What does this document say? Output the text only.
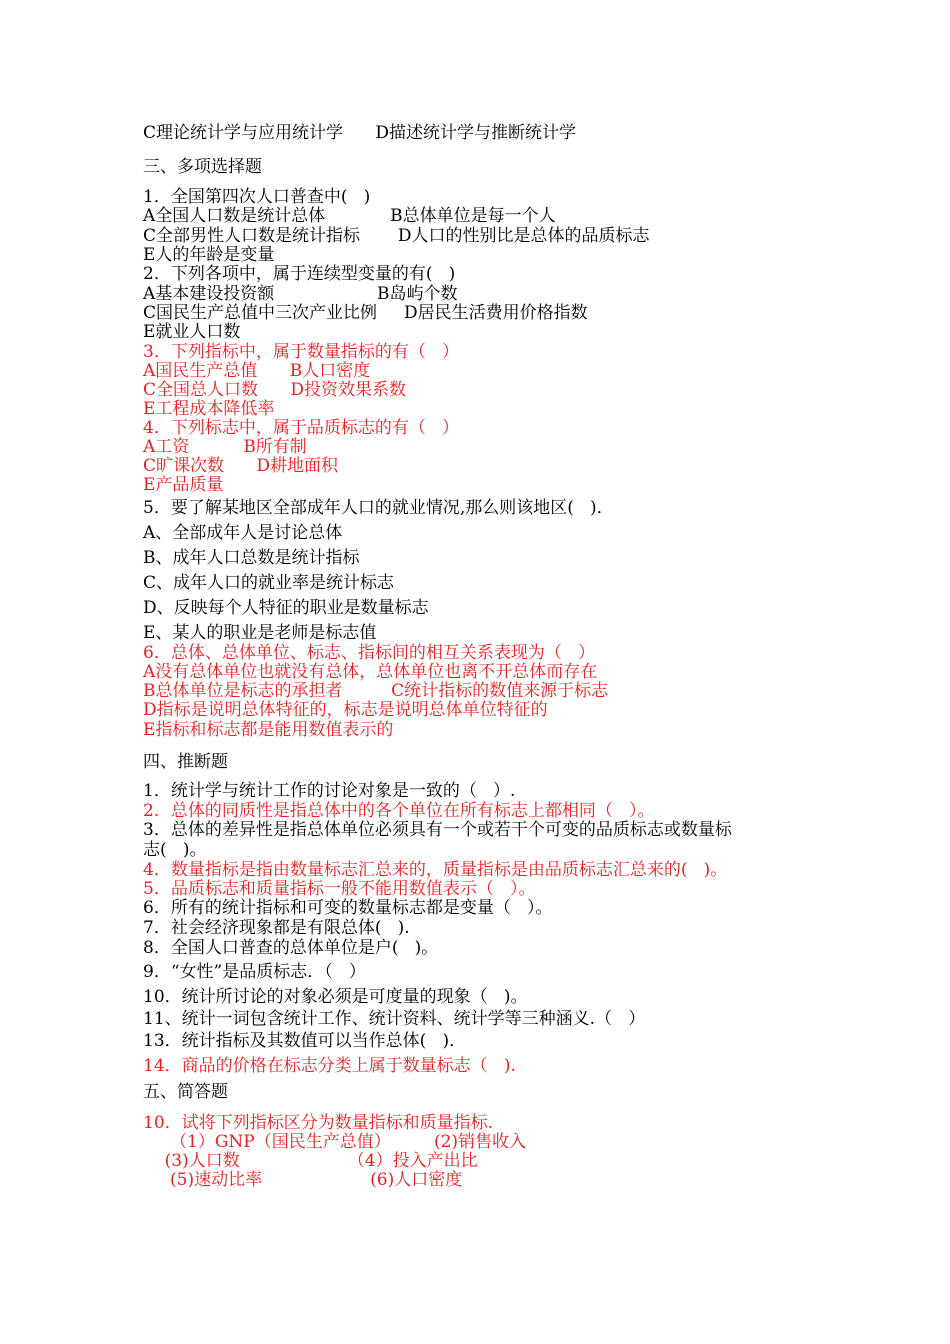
C理论统计学与应用统计学      D描述统计学与推断统计学

三、多项选择题

1．全国第四次人口普查中(   )

A全国人口数是统计总体            B总体单位是每一个人

C全部男性人口数是统计指标       D人口的性别比是总体的品质标志

E人的年龄是变量

2．下列各项中，属于连续型变量的有(   )

A基本建设投资额                   B岛屿个数

C国民生产总值中三次产业比例     D居民生活费用价格指数

E就业人口数

3．下列指标中，属于数量指标的有（   ）

A国民生产总值      B人口密度

C全国总人口数      D投资效果系数

E工程成本降低率

4．下列标志中，属于品质标志的有（   ）

A工资          B所有制

C旷课次数      D耕地面积

E产品质量

5．要了解某地区全部成年人口的就业情况,那么则该地区(   )．

A、全部成年人是讨论总体

B、成年人口总数是统计指标

C、成年人口的就业率是统计标志

D、反映每个人特征的职业是数量标志

E、某人的职业是老师是标志值

6．总体、总体单位、标志、指标间的相互关系表现为（   ）

A没有总体单位也就没有总体，总体单位也离不开总体而存在

B总体单位是标志的承担者         C统计指标的数值来源于标志

D指标是说明总体特征的，标志是说明总体单位特征的

E指标和标志都是能用数值表示的

四、推断题

1．统计学与统计工作的讨论对象是一致的（   ）.

2．总体的同质性是指总体中的各个单位在所有标志上都相同（   ）。

3．总体的差异性是指总体单位必须具有一个或若干个可变的品质标志或数量标

志(   )。

4．数量指标是指由数量标志汇总来的，质量指标是由品质标志汇总来的(   )。

5．品质标志和质量指标一般不能用数值表示（   ）。

6．所有的统计指标和可变的数量标志都是变量（   ）。

7．社会经济现象都是有限总体(   ).

8．全国人口普查的总体单位是户(   )。

9．“女性”是品质标志．（   ）

10．统计所讨论的对象必须是可度量的现象（   )。

11、统计一词包含统计工作、统计资料、统计学等三种涵义.（   ）

13．统计指标及其数值可以当作总体(   )．

14．商品的价格在标志分类上属于数量标志（   ).

五、简答题

10．试将下列指标区分为数量指标和质量指标.

（1）GNP（国民生产总值）        (2)销售收入

(3)人口数                    （4）投入产出比

(5)速动比率                    (6)人口密度
